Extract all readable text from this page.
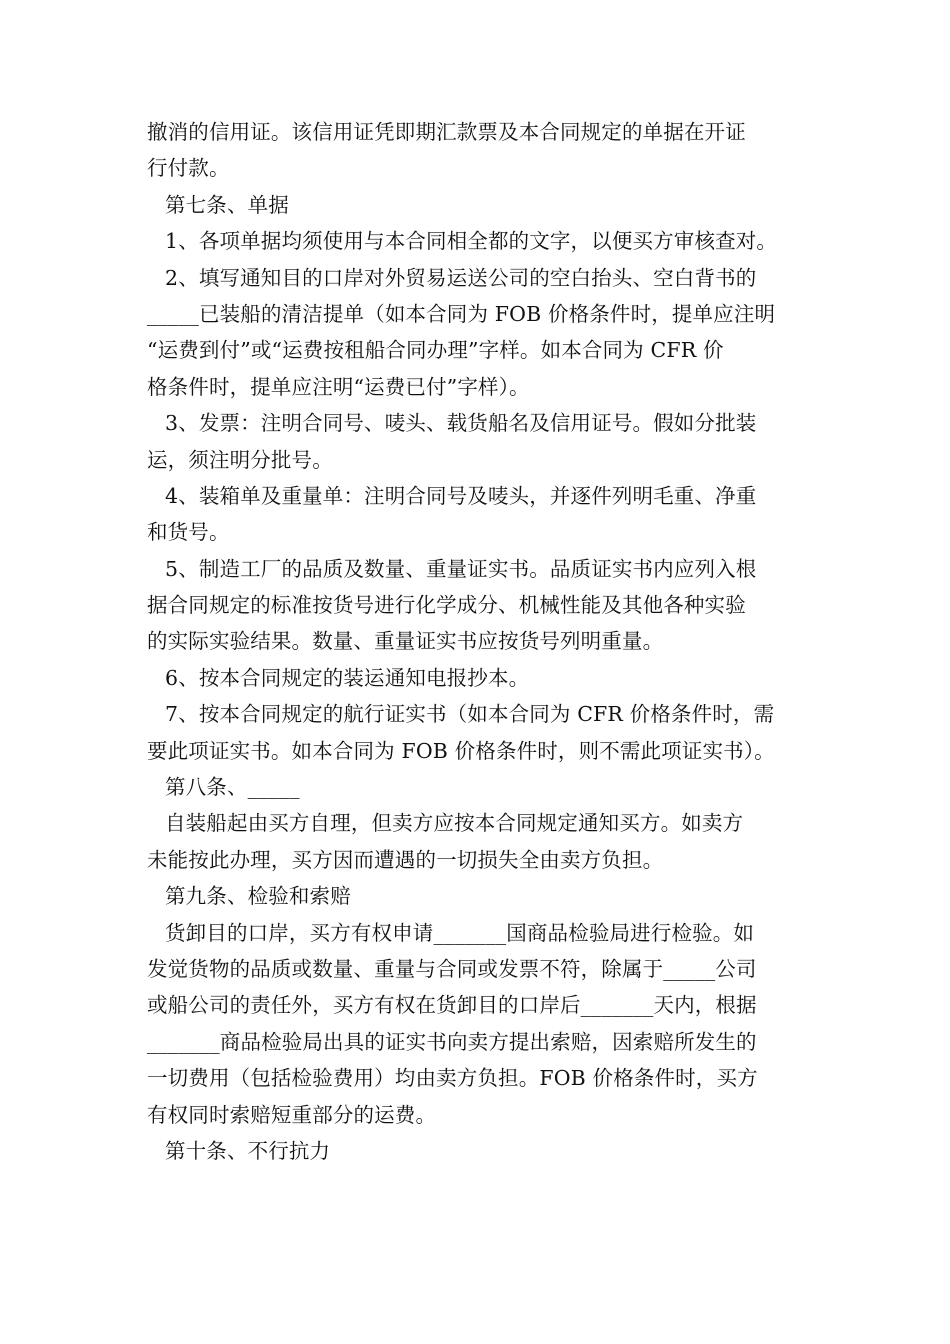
撤消的信用证。该信用证凭即期汇款票及本合同规定的单据在开证
行付款。
第七条、单据
1、各项单据均须使用与本合同相全都的文字，以便买方审核查对。
2、填写通知目的口岸对外贸易运送公司的空白抬头、空白背书的
_____已装船的清洁提单（如本合同为 FOB 价格条件时，提单应注明
“运费到付”或“运费按租船合同办理”字样。如本合同为 CFR 价
格条件时，提单应注明“运费已付”字样）。
3、发票：注明合同号、唛头、载货船名及信用证号。假如分批装
运，须注明分批号。
4、装箱单及重量单：注明合同号及唛头，并逐件列明毛重、净重
和货号。
5、制造工厂的品质及数量、重量证实书。品质证实书内应列入根
据合同规定的标准按货号进行化学成分、机械性能及其他各种实验
的实际实验结果。数量、重量证实书应按货号列明重量。
6、按本合同规定的装运通知电报抄本。
7、按本合同规定的航行证实书（如本合同为 CFR 价格条件时，需
要此项证实书。如本合同为 FOB 价格条件时，则不需此项证实书）。
第八条、_____
自装船起由买方自理，但卖方应按本合同规定通知买方。如卖方
未能按此办理，买方因而遭遇的一切损失全由卖方负担。
第九条、检验和索赔
货卸目的口岸，买方有权申请_______国商品检验局进行检验。如
发觉货物的品质或数量、重量与合同或发票不符，除属于_____公司
或船公司的责任外，买方有权在货卸目的口岸后_______天内，根据
_______商品检验局出具的证实书向卖方提出索赔，因索赔所发生的
一切费用（包括检验费用）均由卖方负担。FOB 价格条件时，买方
有权同时索赔短重部分的运费。
第十条、不行抗力
